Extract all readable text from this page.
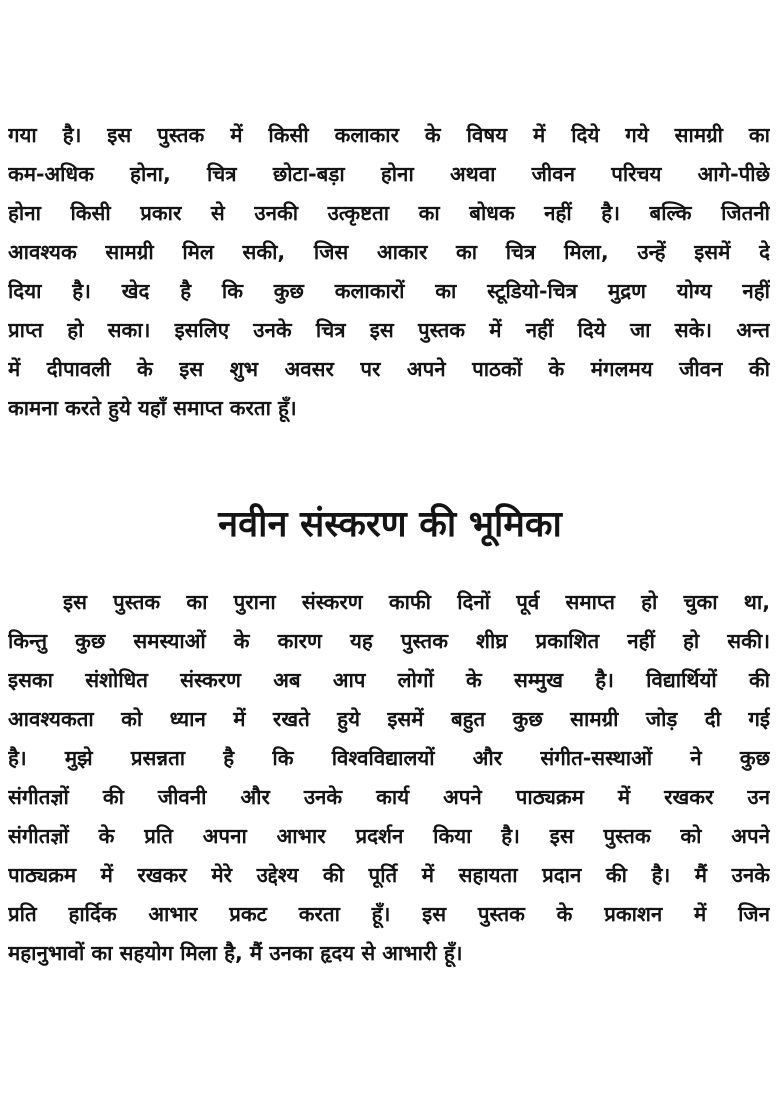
गया है। इस पुस्तक में किसी कलाकार के विषय में दिये गये सामग्री का
कम-अधिक होना, चित्र छोटा-बड़ा होना अथवा जीवन परिचय आगे-पीछे
होना किसी प्रकार से उनकी उत्कृष्टता का बोधक नहीं है। बल्कि जितनी
आवश्यक सामग्री मिल सकी, जिस आकार का चित्र मिला, उन्हें इसमें दे
दिया है। खेद है कि कुछ कलाकारों का स्टूडियो-चित्र मुद्रण योग्य नहीं
प्राप्त हो सका। इसलिए उनके चित्र इस पुस्तक में नहीं दिये जा सके। अन्त
में दीपावली के इस शुभ अवसर पर अपने पाठकों के मंगलमय जीवन की
कामना करते हुये यहाँ समाप्त करता हूँ।
नवीन संस्करण की भूमिका
इस पुस्तक का पुराना संस्करण काफी दिनों पूर्व समाप्त हो चुका था,
किन्तु कुछ समस्याओं के कारण यह पुस्तक शीघ्र प्रकाशित नहीं हो सकी।
इसका संशोधित संस्करण अब आप लोगों के सम्मुख है। विद्यार्थियों की
आवश्यकता को ध्यान में रखते हुये इसमें बहुत कुछ सामग्री जोड़ दी गई
है। मुझे प्रसन्नता है कि विश्वविद्यालयों और संगीत-सस्थाओं ने कुछ
संगीतज्ञों की जीवनी और उनके कार्य अपने पाठ्यक्रम में रखकर उन
संगीतज्ञों के प्रति अपना आभार प्रदर्शन किया है। इस पुस्तक को अपने
पाठ्यक्रम में रखकर मेरे उद्देश्य की पूर्ति में सहायता प्रदान की है। मैं उनके
प्रति हार्दिक आभार प्रकट करता हूँ। इस पुस्तक के प्रकाशन में जिन
महानुभावों का सहयोग मिला है, मैं उनका हृदय से आभारी हूँ।
